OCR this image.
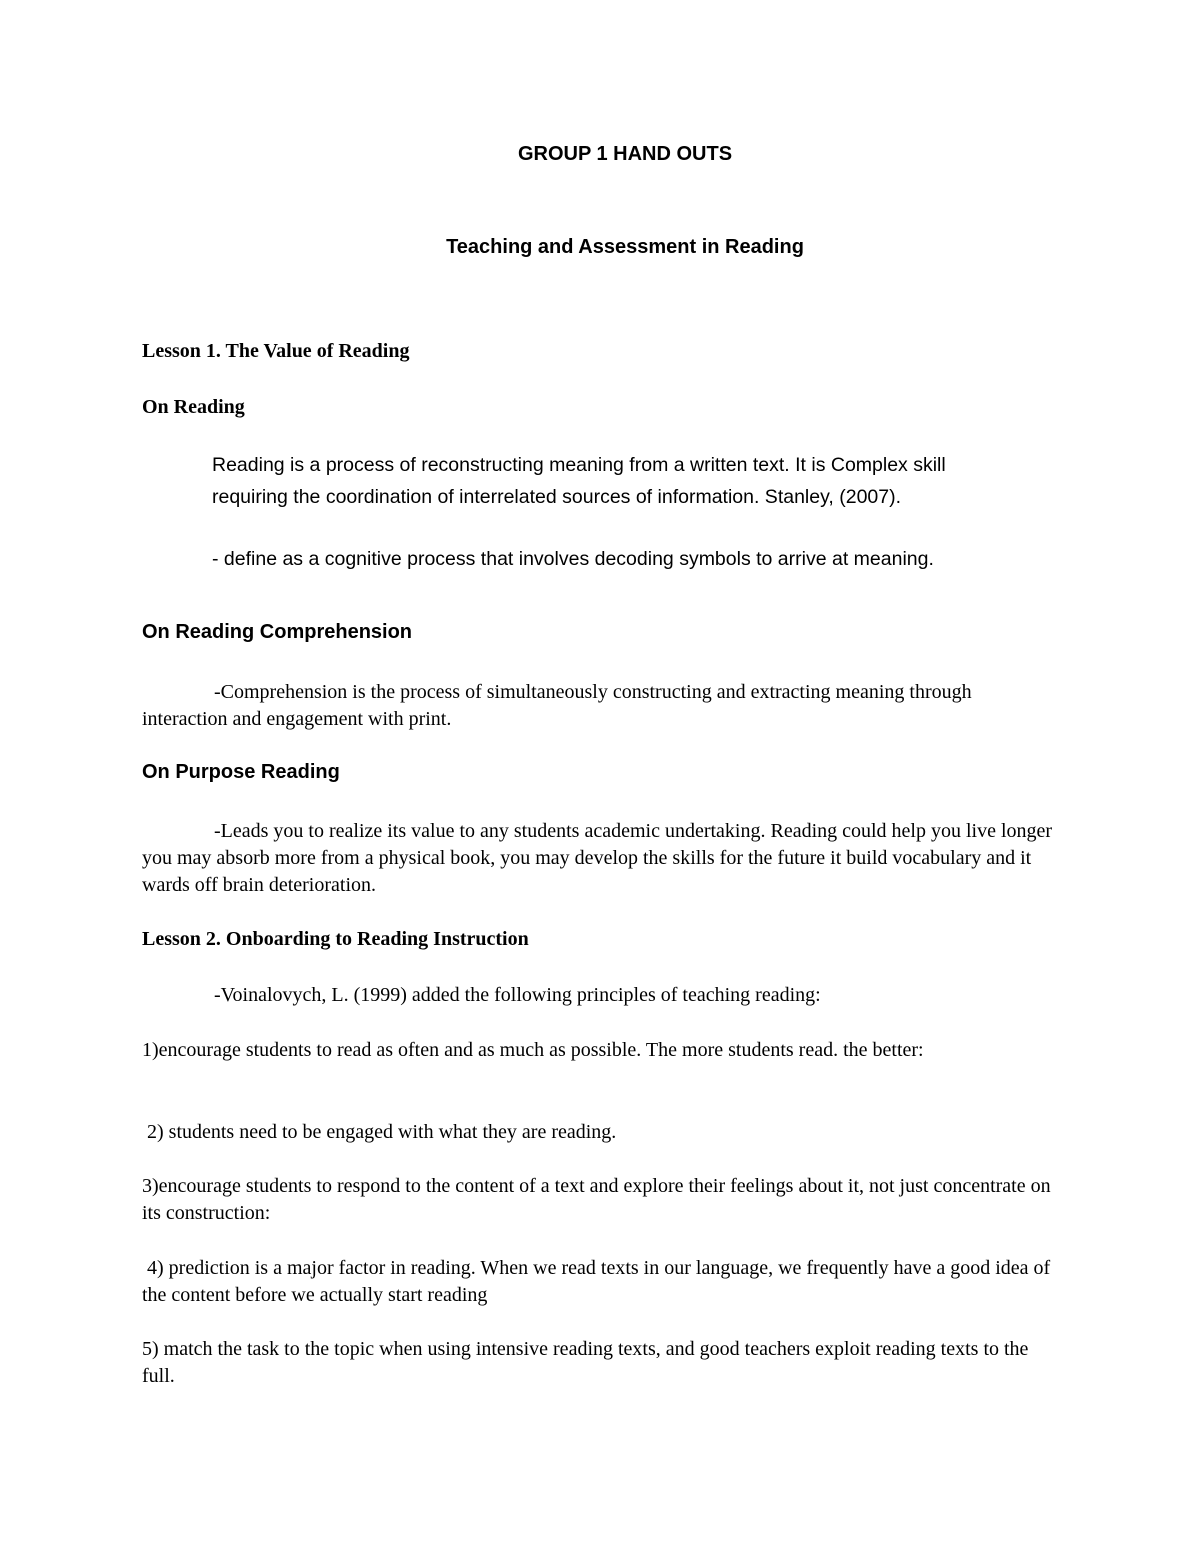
GROUP 1 HAND OUTS
Teaching and Assessment in Reading
Lesson 1. The Value of Reading
On Reading
Reading is a process of reconstructing meaning from a written text. It is Complex skill
requiring the coordination of interrelated sources of information. Stanley, (2007).
- define as a cognitive process that involves decoding symbols to arrive at meaning.
On Reading Comprehension
-Comprehension is the process of simultaneously constructing and extracting meaning through interaction and engagement with print.
On Purpose Reading
-Leads you to realize its value to any students academic undertaking. Reading could help you live longer you may absorb more from a physical book, you may develop the skills for the future it build vocabulary and it wards off brain deterioration.
Lesson 2. Onboarding to Reading Instruction
-Voinalovych, L. (1999) added the following principles of teaching reading:
1)encourage students to read as often and as much as possible. The more students read. the better:
2) students need to be engaged with what they are reading.
3)encourage students to respond to the content of a text and explore their feelings about it, not just concentrate on its construction:
4) prediction is a major factor in reading. When we read texts in our language, we frequently have a good idea of the content before we actually start reading
5) match the task to the topic when using intensive reading texts, and good teachers exploit reading texts to the full.
